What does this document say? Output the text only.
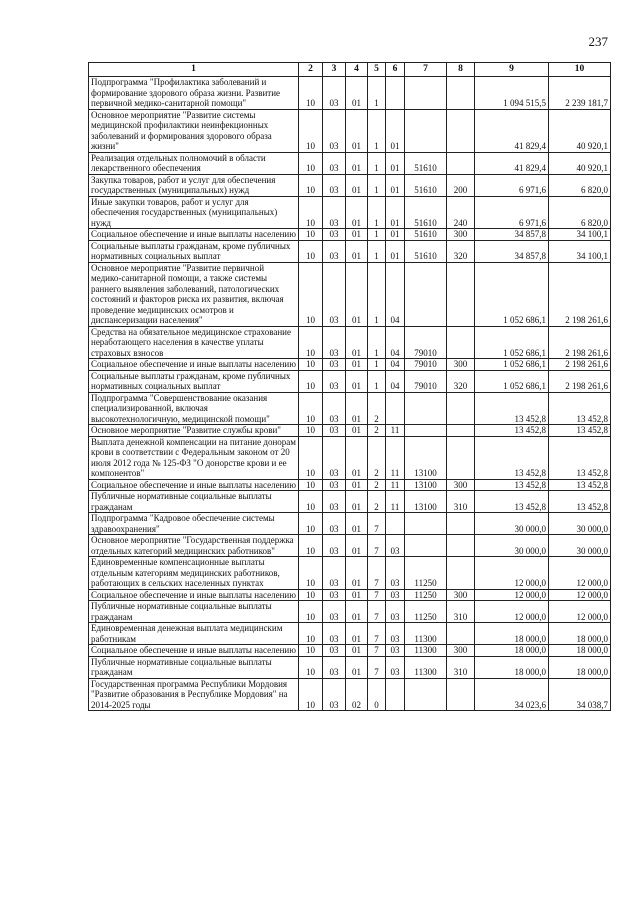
237
1	2	3	4	5	6	7	8	9	10
Подпрограмма "Профилактика заболеваний и формирование здорового образа жизни. Развитие первичной медико-санитарной помощи"	10	03	01	1				1 094 515,5	2 239 181,7
Основное мероприятие "Развитие системы медицинской профилактики неинфекционных заболеваний и формирования здорового образа жизни"	10	03	01	1	01			41 829,4	40 920,1
Реализация отдельных полномочий в области лекарственного обеспечения	10	03	01	1	01	51610		41 829,4	40 920,1
Закупка товаров, работ и услуг для обеспечения государственных (муниципальных) нужд	10	03	01	1	01	51610	200	6 971,6	6 820,0
Иные закупки товаров, работ и услуг для обеспечения государственных (муниципальных) нужд	10	03	01	1	01	51610	240	6 971,6	6 820,0
Социальное обеспечение и иные выплаты населению	10	03	01	1	01	51610	300	34 857,8	34 100,1
Социальные выплаты гражданам, кроме публичных нормативных социальных выплат	10	03	01	1	01	51610	320	34 857,8	34 100,1
Основное мероприятие "Развитие первичной медико-санитарной помощи, а также системы раннего выявления заболеваний, патологических состояний и факторов риска их развития, включая проведение медицинских осмотров и диспансеризации населения"	10	03	01	1	04			1 052 686,1	2 198 261,6
Средства на обязательное медицинское страхование неработающего населения в качестве уплаты страховых взносов	10	03	01	1	04	79010		1 052 686,1	2 198 261,6
Социальное обеспечение и иные выплаты населению	10	03	01	1	04	79010	300	1 052 686,1	2 198 261,6
Социальные выплаты гражданам, кроме публичных нормативных социальных выплат	10	03	01	1	04	79010	320	1 052 686,1	2 198 261,6
Подпрограмма "Совершенствование оказания специализированной, включая высокотехнологичную, медицинской помощи"	10	03	01	2				13 452,8	13 452,8
Основное мероприятие "Развитие службы крови"	10	03	01	2	11			13 452,8	13 452,8
Выплата денежной компенсации на питание донорам крови в соответствии с Федеральным законом от 20 июля 2012 года № 125-ФЗ "О донорстве крови и ее компонентов"	10	03	01	2	11	13100		13 452,8	13 452,8
Социальное обеспечение и иные выплаты населению	10	03	01	2	11	13100	300	13 452,8	13 452,8
Публичные нормативные социальные выплаты гражданам	10	03	01	2	11	13100	310	13 452,8	13 452,8
Подпрограмма "Кадровое обеспечение системы здравоохранения"	10	03	01	7				30 000,0	30 000,0
Основное мероприятие "Государственная поддержка отдельных категорий медицинских работников"	10	03	01	7	03			30 000,0	30 000,0
Единовременные компенсационные выплаты отдельным категориям медицинских работников, работающих в сельских населенных пунктах	10	03	01	7	03	11250		12 000,0	12 000,0
Социальное обеспечение и иные выплаты населению	10	03	01	7	03	11250	300	12 000,0	12 000,0
Публичные нормативные социальные выплаты гражданам	10	03	01	7	03	11250	310	12 000,0	12 000,0
Единовременная денежная выплата медицинским работникам	10	03	01	7	03	11300		18 000,0	18 000,0
Социальное обеспечение и иные выплаты населению	10	03	01	7	03	11300	300	18 000,0	18 000,0
Публичные нормативные социальные выплаты гражданам	10	03	01	7	03	11300	310	18 000,0	18 000,0
Государственная программа Республики Мордовия "Развитие образования в Республике Мордовия" на 2014-2025 годы	10	03	02	0				34 023,6	34 038,7
